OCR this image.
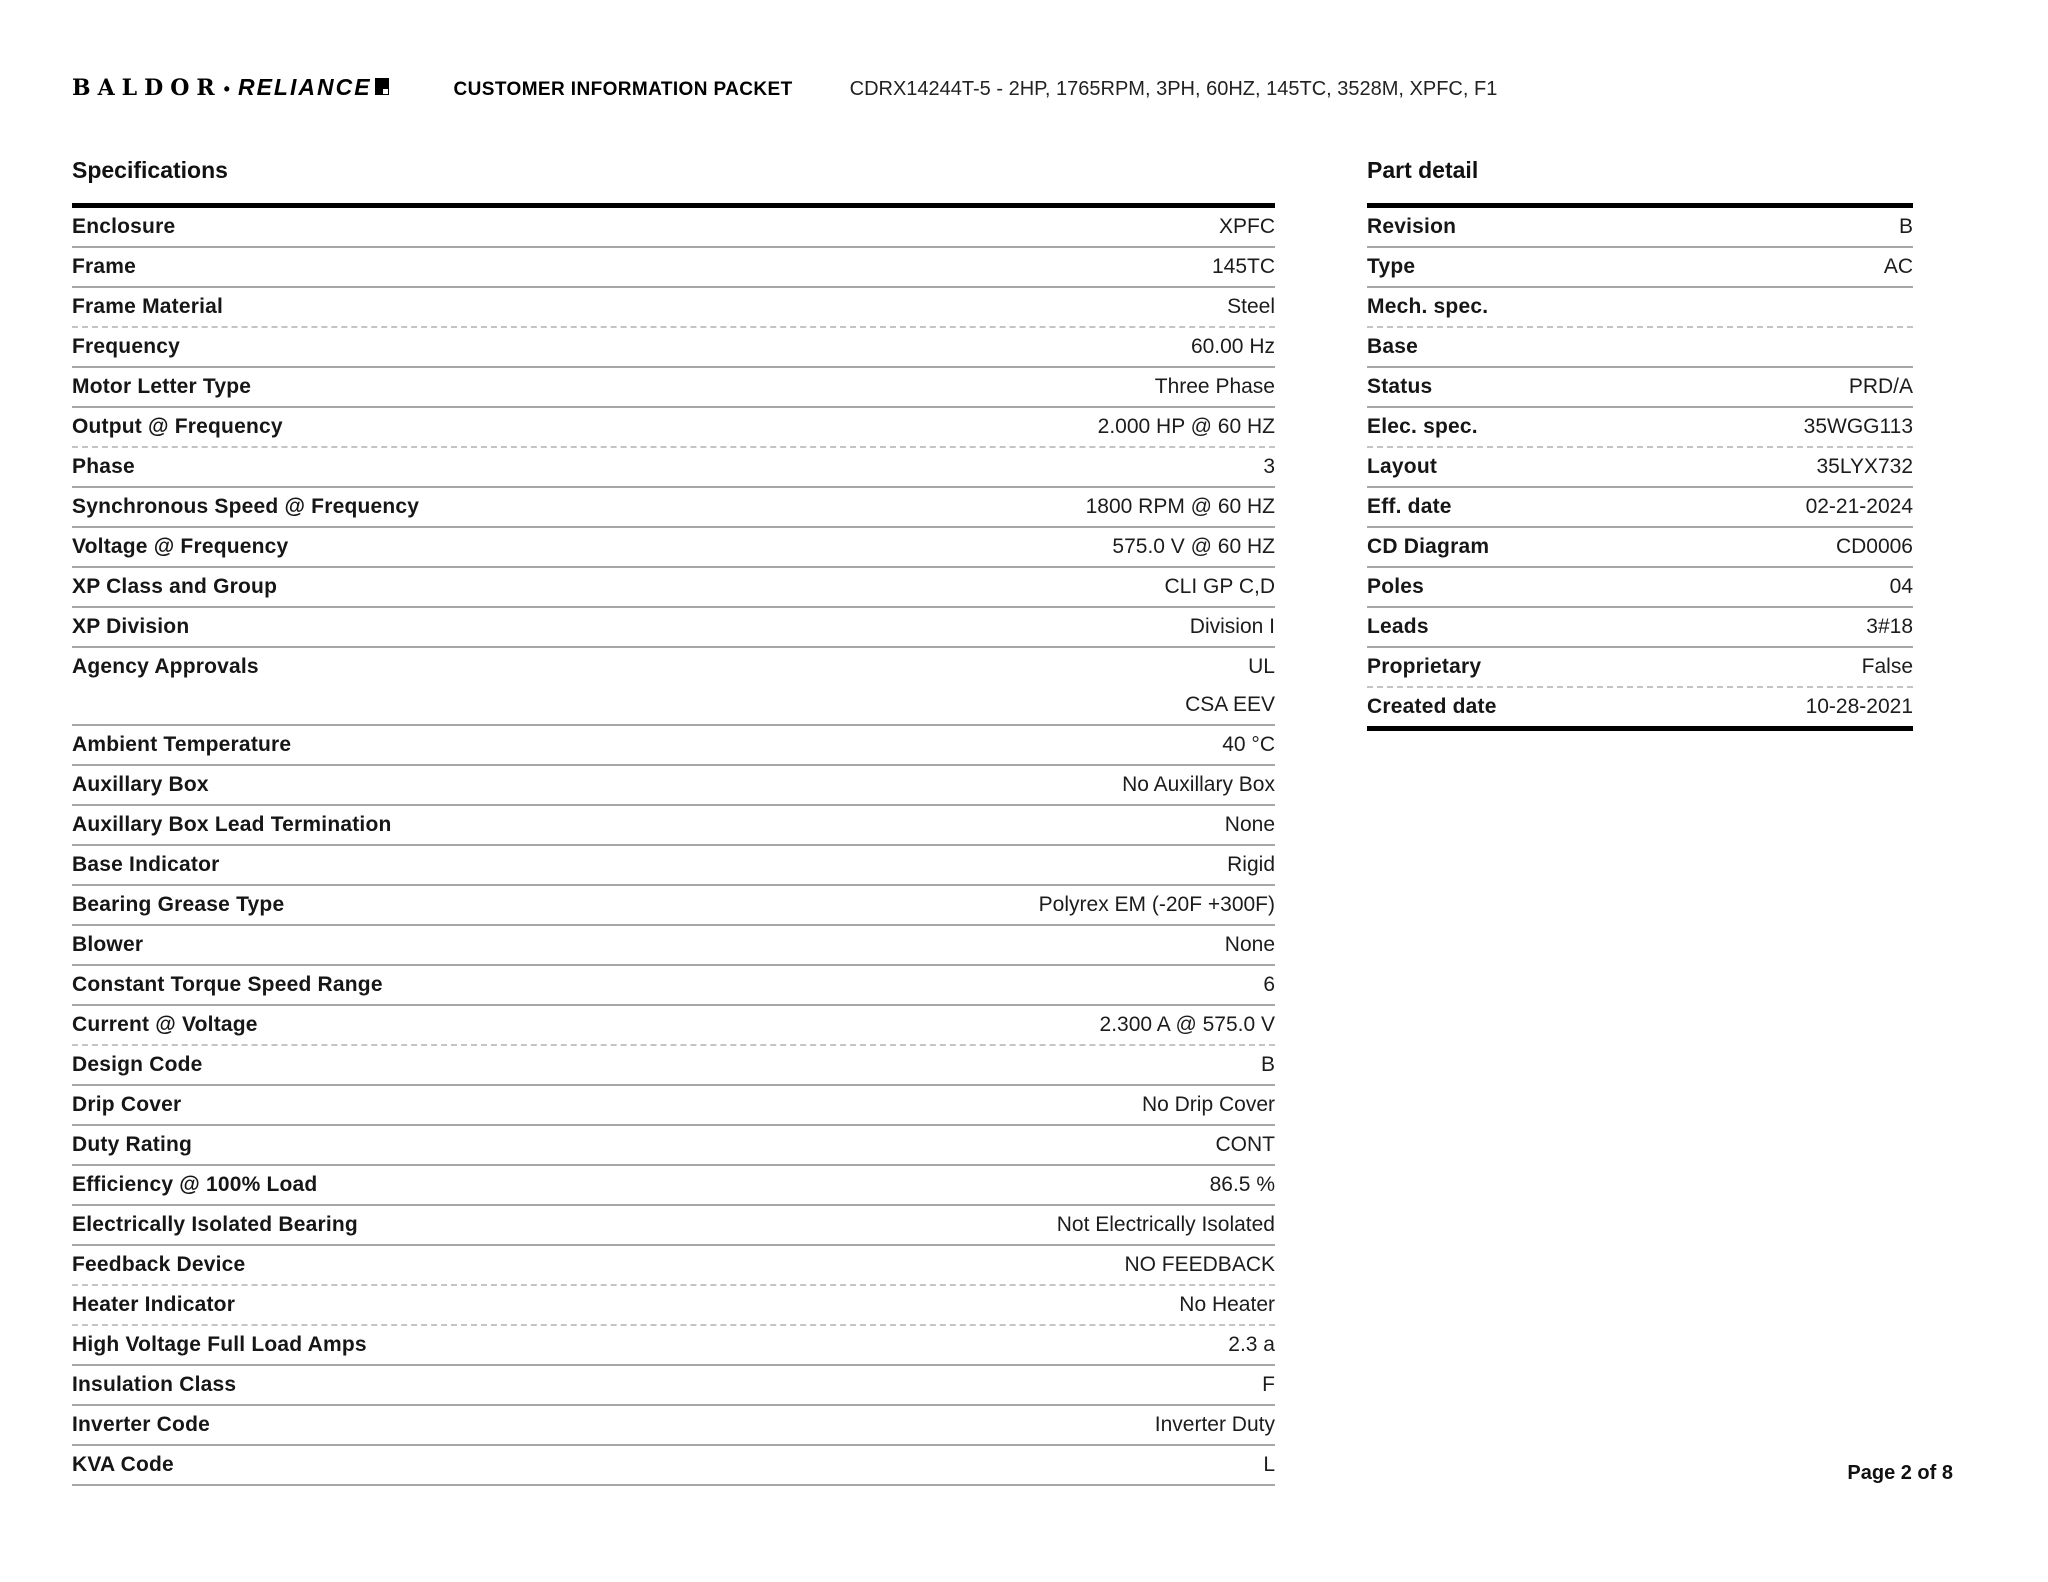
BALDOR • RELIANCE	CUSTOMER INFORMATION PACKET	CDRX14244T-5 - 2HP, 1765RPM, 3PH, 60HZ, 145TC, 3528M, XPFC, F1
Specifications
Enclosure	XPFC
Frame	145TC
Frame Material	Steel
Frequency	60.00 Hz
Motor Letter Type	Three Phase
Output @ Frequency	2.000 HP @ 60 HZ
Phase	3
Synchronous Speed @ Frequency	1800 RPM @ 60 HZ
Voltage @ Frequency	575.0 V @ 60 HZ
XP Class and Group	CLI GP C,D
XP Division	Division I
Agency Approvals	UL
CSA EEV
Ambient Temperature	40 °C
Auxillary Box	No Auxillary Box
Auxillary Box Lead Termination	None
Base Indicator	Rigid
Bearing Grease Type	Polyrex EM (-20F +300F)
Blower	None
Constant Torque Speed Range	6
Current @ Voltage	2.300 A @ 575.0 V
Design Code	B
Drip Cover	No Drip Cover
Duty Rating	CONT
Efficiency @ 100% Load	86.5 %
Electrically Isolated Bearing	Not Electrically Isolated
Feedback Device	NO FEEDBACK
Heater Indicator	No Heater
High Voltage Full Load Amps	2.3 a
Insulation Class	F
Inverter Code	Inverter Duty
KVA Code	L
Part detail
Revision	B
Type	AC
Mech. spec.
Base
Status	PRD/A
Elec. spec.	35WGG113
Layout	35LYX732
Eff. date	02-21-2024
CD Diagram	CD0006
Poles	04
Leads	3#18
Proprietary	False
Created date	10-28-2021
Page 2 of 8
